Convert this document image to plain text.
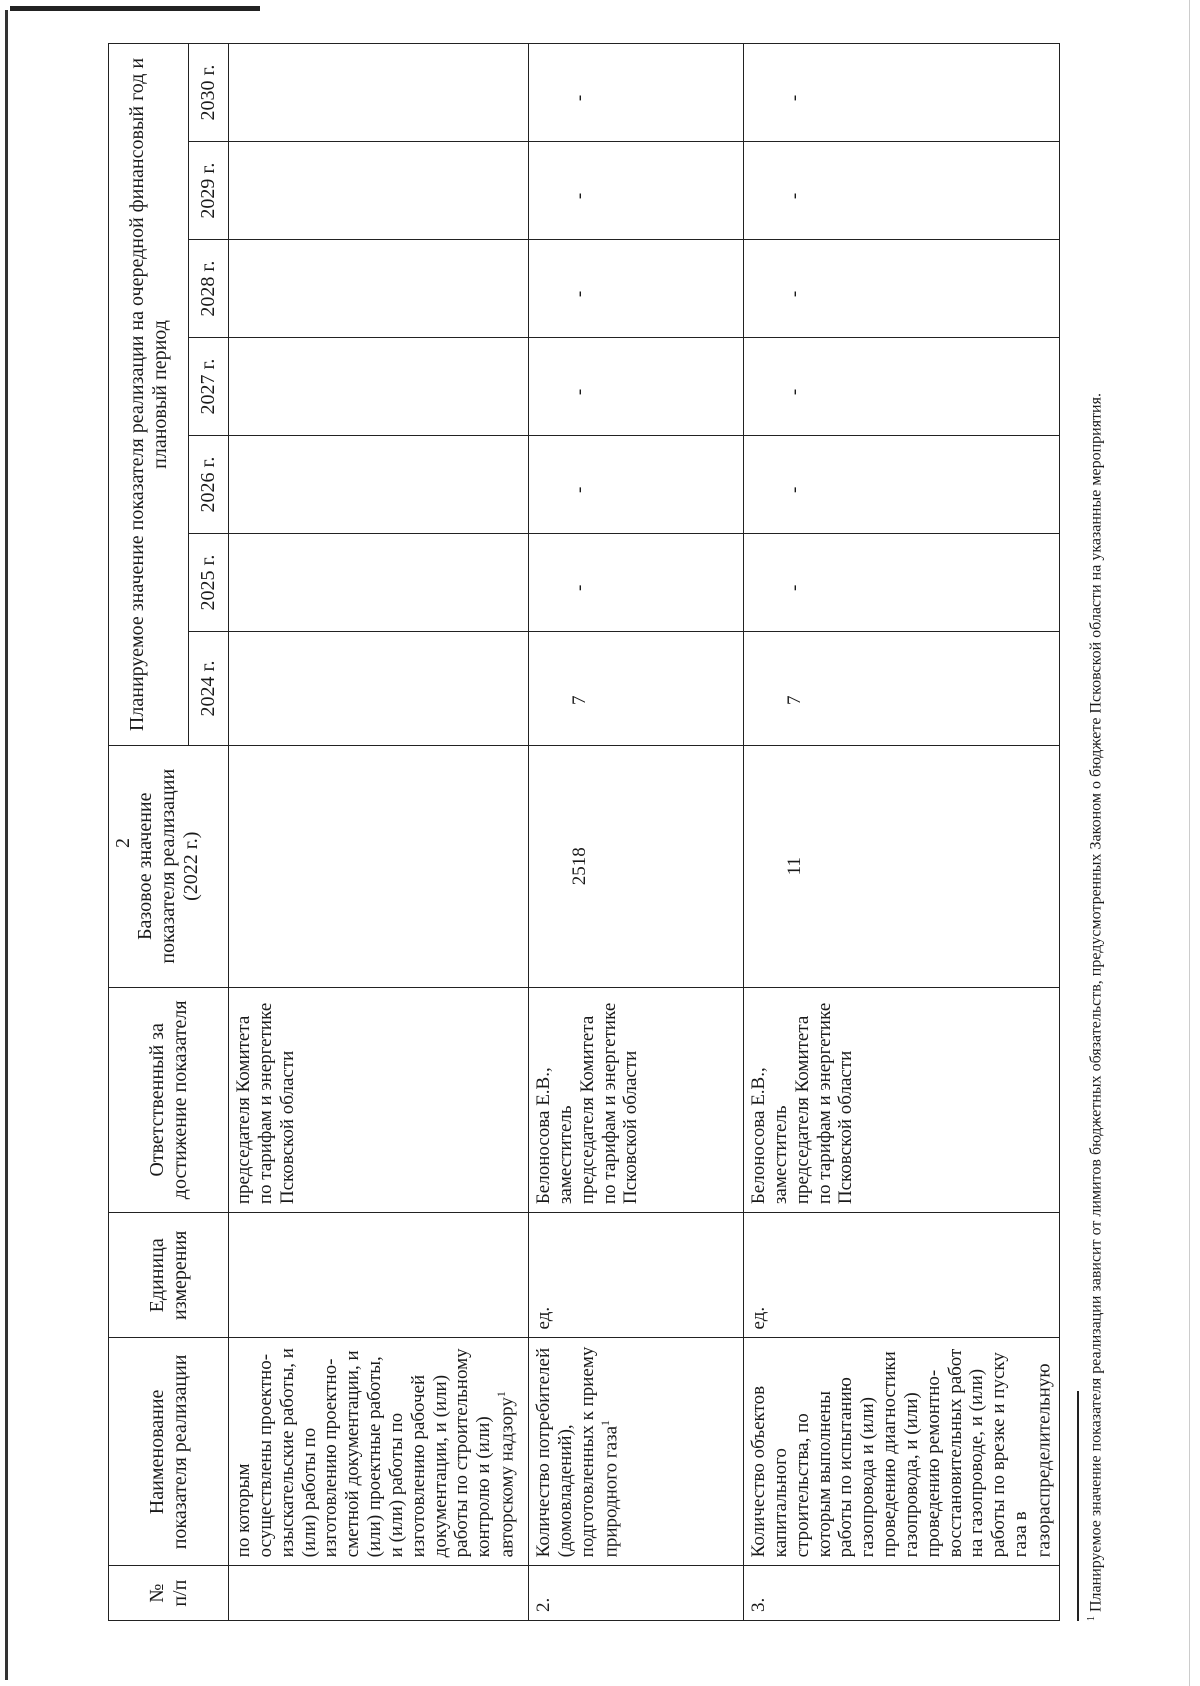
2
№ п/п	Наименование показателя реализации	Единица измерения	Ответственный за достижение показателя	Базовое значение показателя реализации (2022 г.)	Планируемое значение показателя реализации на очередной финансовый год и плановый период						
					2024 г.	2025 г.	2026 г.	2027 г.	2028 г.	2029 г.	2030 г.
	по которым осуществлены проектно-изыскательские работы, и (или) работы по изготовлению проектно-сметной документации, и (или) проектные работы, и (или) работы по изготовлению рабочей документации, и (или) работы по строительному контролю и (или) авторскому надзору$^1$		председателя Комитета по тарифам и энергетике Псковской области								
2.	Количество потребителей (домовладений), подготовленных к приему природного газа$^1$	ед.	Белоносова Е.В., заместитель председателя Комитета по тарифам и энергетике Псковской области	2518	7	-	-	-	-	-	-
3.	Количество объектов капитального строительства, по которым выполнены работы по испытанию газопровода и (или) проведению диагностики газопровода, и (или) проведению ремонтно-восстановительных работ на газопроводе, и (или) работы по врезке и пуску газа в газораспределительную	ед.	Белоносова Е.В., заместитель председателя Комитета по тарифам и энергетике Псковской области	11	7	-	-	-	-	-	-
$^1$ Планируемое значение показателя реализации зависит от лимитов бюджетных обязательств, предусмотренных Законом о бюджете Псковской области на указанные мероприятия.
